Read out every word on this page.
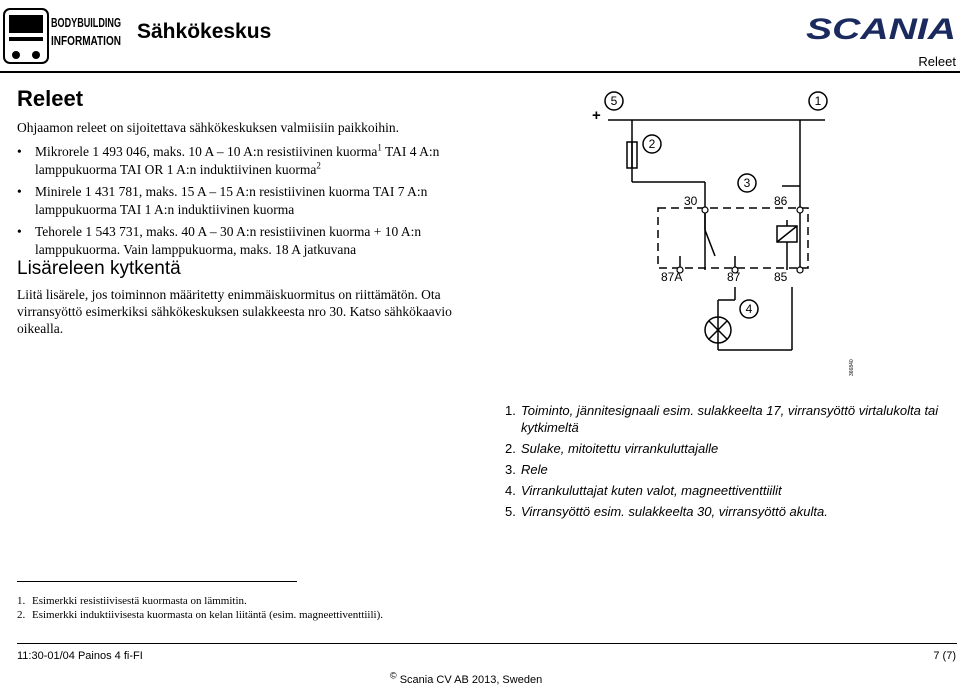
BODYBUILDING
INFORMATION Sähkökeskus	SCANIA
Releet
Releet
Ohjaamon releet on sijoitettava sähkökeskuksen valmiisiin paikkoihin.
• Mikrorele 1 493 046, maks. 10 A – 10 A:n resistiivinen kuorma$^1$ TAI 4 A:n lamppukuorma TAI OR 1 A:n induktiivinen kuorma$^2$
• Minirele 1 431 781, maks. 15 A – 15 A:n resistiivinen kuorma TAI 7 A:n lamppukuorma TAI 1 A:n induktiivinen kuorma
• Tehorele 1 543 731, maks. 40 A – 30 A:n resistiivinen kuorma + 10 A:n lamppukuorma. Vain lamppukuorma, maks. 18 A jatkuvana
Lisäreleen kytkentä
Liitä lisärele, jos toiminnon määritetty enimmäiskuormitus on riittämätön. Ota virransyöttö esimerkiksi sähkökeskuksen sulakkeesta nro 30. Katso sähkökaavio oikealla.
+
5	1
2
3
4
30	86
87A	87	85
366840
1. Toiminto, jännitesignaali esim. sulakkeelta 17, virransyöttö virtalukolta tai kytkimeltä
2. Sulake, mitoitettu virrankuluttajalle
3. Rele
4. Virrankuluttajat kuten valot, magneettiventtiilit
5. Virransyöttö esim. sulakkeelta 30, virransyöttö akulta.
1. Esimerkki resistiivisestä kuormasta on lämmitin.
2. Esimerkki induktiivisesta kuormasta on kelan liitäntä (esim. magneettiventtiili).
11:30-01/04 Painos 4 fi-FI	7 (7)
© Scania CV AB 2013, Sweden
